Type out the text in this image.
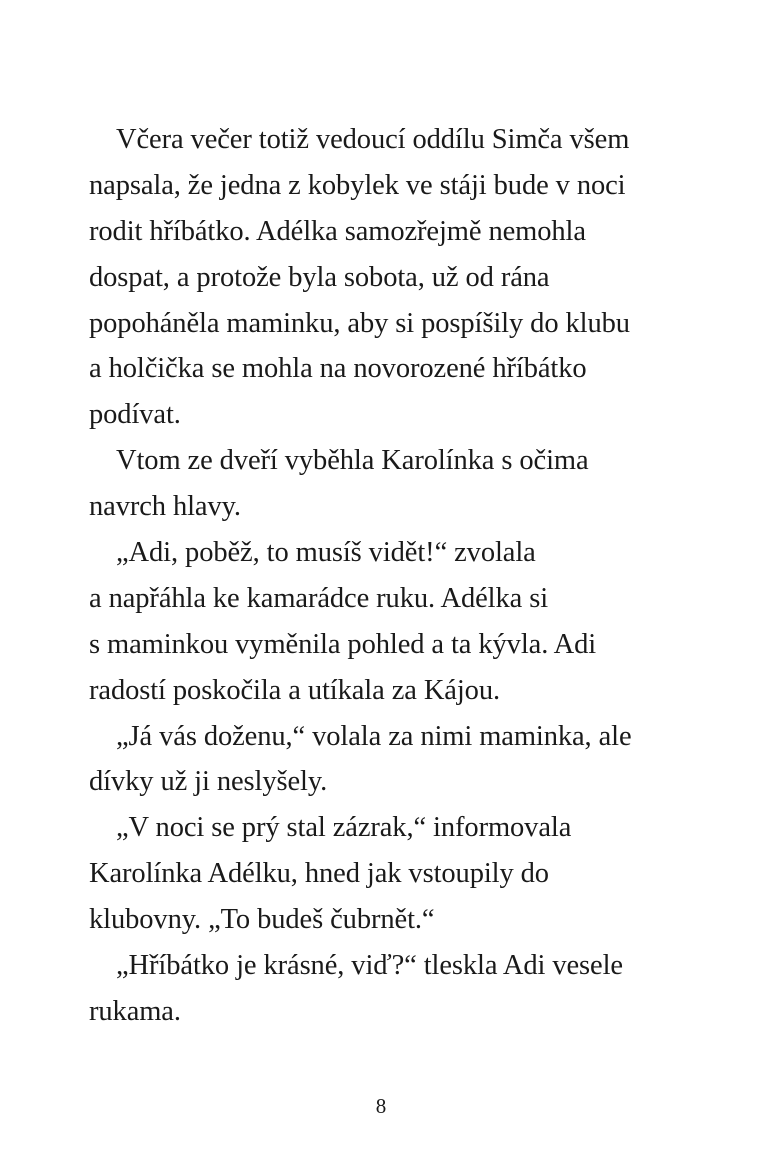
Včera večer totiž vedoucí oddílu Simča všem
napsala, že jedna z kobylek ve stáji bude v noci
rodit hříbátko. Adélka samozřejmě nemohla
dospat, a protože byla sobota, už od rána
popoháněla maminku, aby si pospíšily do klubu
a holčička se mohla na novorozené hříbátko
podívat.
Vtom ze dveří vyběhla Karolínka s očima
navrch hlavy.
„Adi, poběž, to musíš vidět!“ zvolala
a napřáhla ke kamarádce ruku. Adélka si
s maminkou vyměnila pohled a ta kývla. Adi
radostí poskočila a utíkala za Kájou.
„Já vás doženu,“ volala za nimi maminka, ale
dívky už ji neslyšely.
„V noci se prý stal zázrak,“ informovala
Karolínka Adélku, hned jak vstoupily do
klubovny. „To budeš čubrnět.“
„Hříbátko je krásné, viď?“ tleskla Adi vesele
rukama.
8
